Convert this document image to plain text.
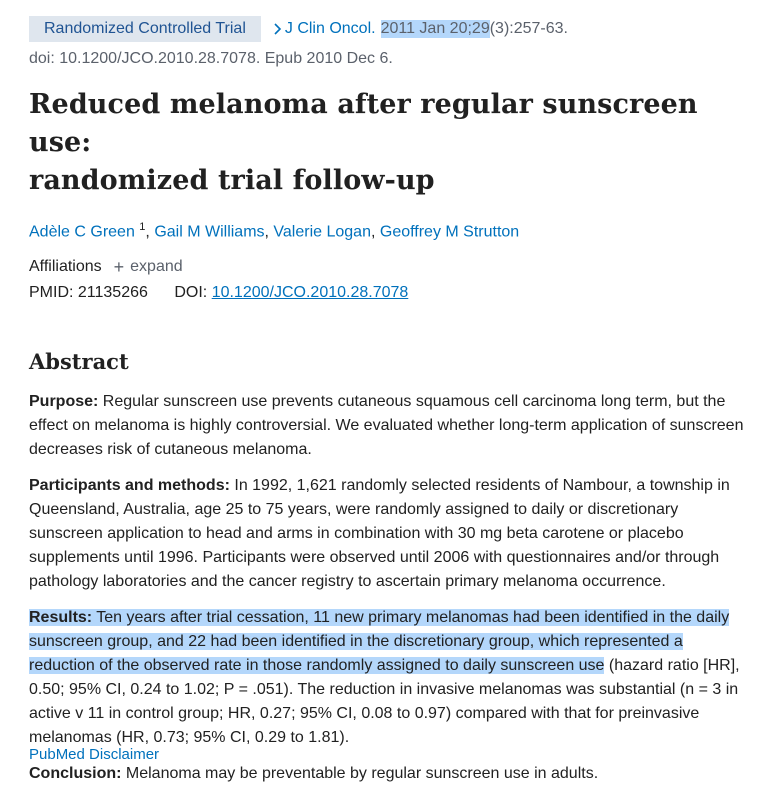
Randomized Controlled Trial	J Clin Oncol. 2011 Jan 20;29 (3):257-63.
doi: 10.1200/JCO.2010.28.7078. Epub 2010 Dec 6.
Reduced melanoma after regular sunscreen use:
randomized trial follow-up
Adèle C Green $^1$, Gail M Williams, Valerie Logan, Geoffrey M Strutton
Affiliations + expand
PMID: 21135266 DOI: 10.1200/JCO.2010.28.7078
Abstract
Purpose: Regular sunscreen use prevents cutaneous squamous cell carcinoma long term, but the effect on melanoma is highly controversial. We evaluated whether long-term application of sunscreen decreases risk of cutaneous melanoma.
Participants and methods: In 1992, 1,621 randomly selected residents of Nambour, a township in Queensland, Australia, age 25 to 75 years, were randomly assigned to daily or discretionary sunscreen application to head and arms in combination with 30 mg beta carotene or placebo supplements until 1996. Participants were observed until 2006 with questionnaires and/or through pathology laboratories and the cancer registry to ascertain primary melanoma occurrence.
Results: Ten years after trial cessation, 11 new primary melanomas had been identified in the daily sunscreen group, and 22 had been identified in the discretionary group, which represented a reduction of the observed rate in those randomly assigned to daily sunscreen use (hazard ratio [HR], 0.50; 95% CI, 0.24 to 1.02; P = .051). The reduction in invasive melanomas was substantial (n = 3 in active v 11 in control group; HR, 0.27; 95% CI, 0.08 to 0.97) compared with that for preinvasive melanomas (HR, 0.73; 95% CI, 0.29 to 1.81).
Conclusion: Melanoma may be preventable by regular sunscreen use in adults.
PubMed Disclaimer
